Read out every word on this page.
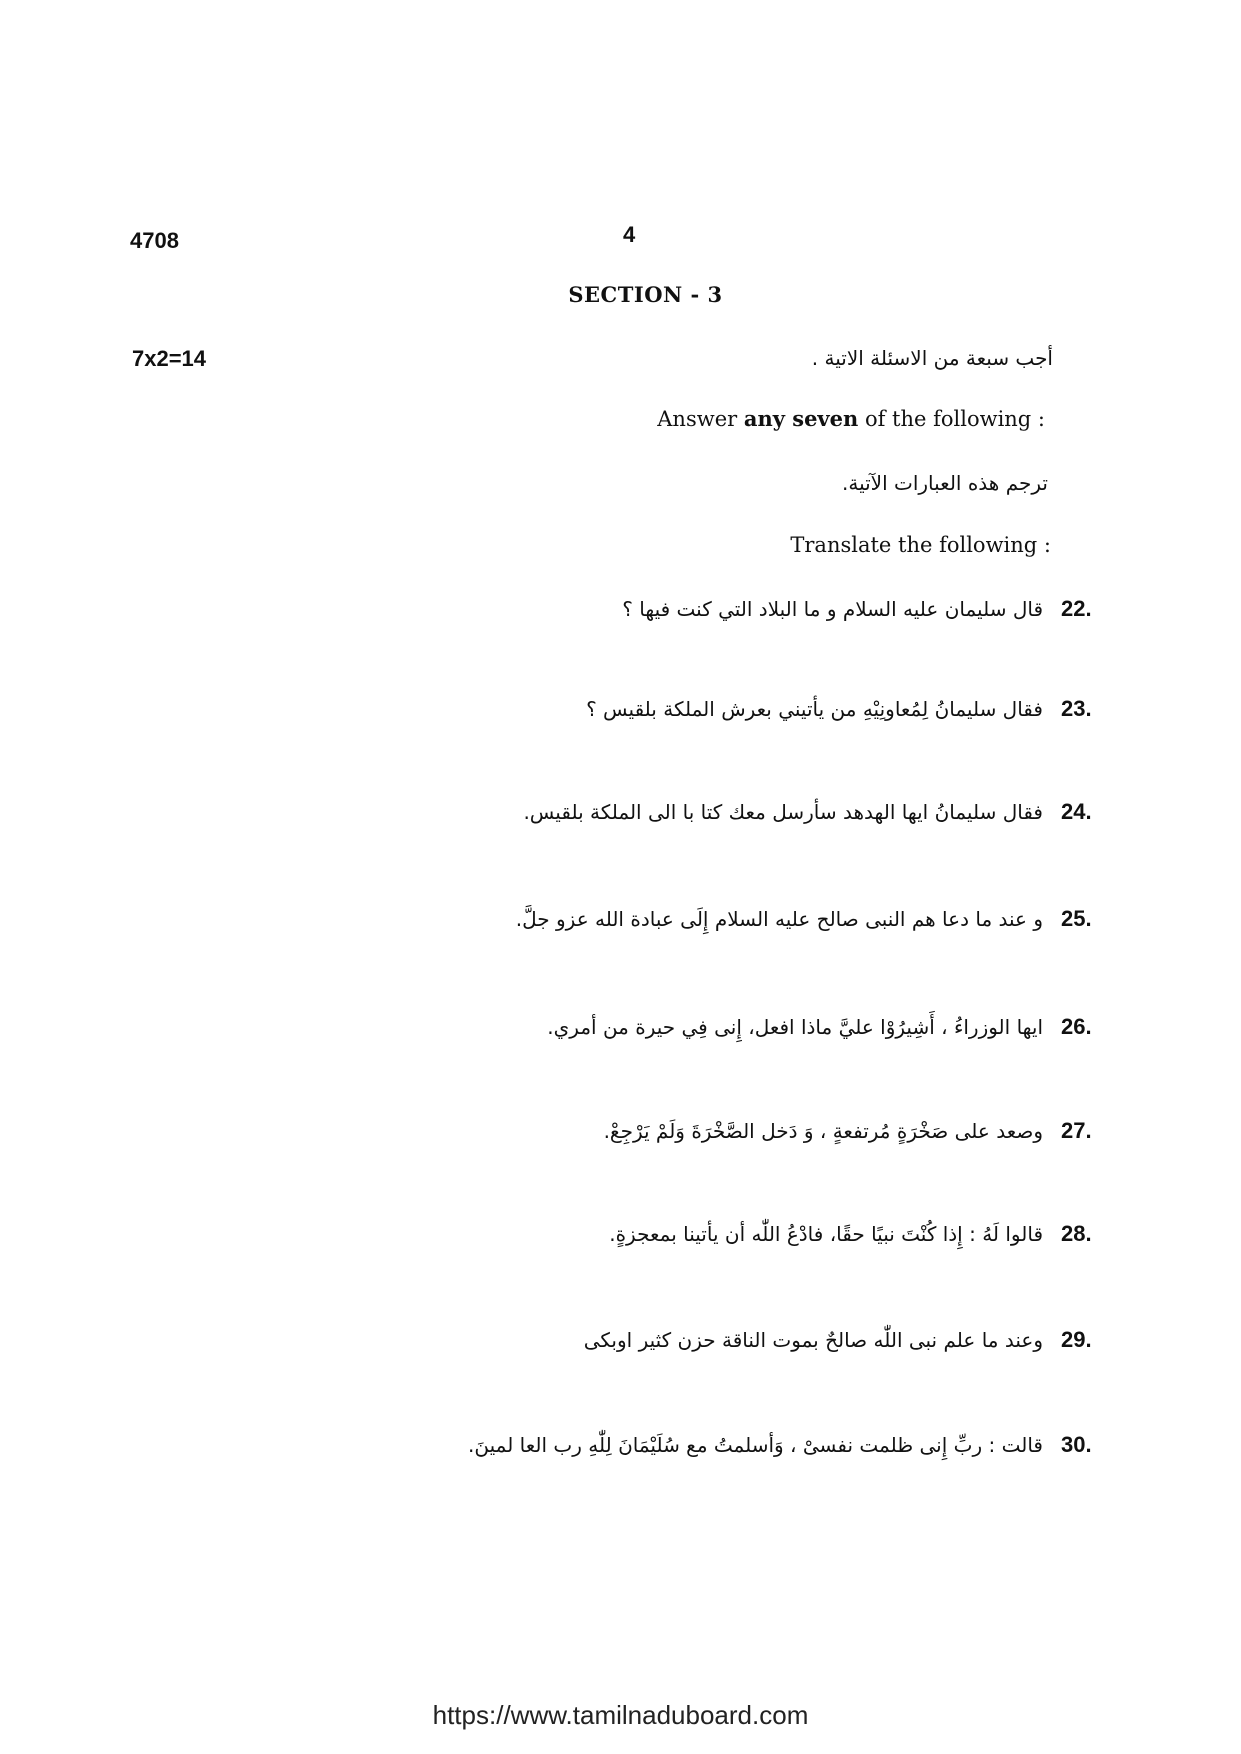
4708	4
SECTION - 3
7x2=14	أجب سبعة من الاسئلة الاتية .
Answer any seven of the following :
ترجم هذه العبارات الآتية.
Translate the following :
22.
قال سليمان عليه السلام و ما البلاد التي كنت فيها ؟
23.
فقال سليمانُ لِمُعاونِيْهِ من يأتيني بعرش الملكة بلقيس ؟
24.
فقال سليمانُ ايها الهدهد سأرسل معك كتا با الى الملكة بلقيس.
25.
و عند ما دعا هم النبى صالح عليه السلام إِلَى عبادة الله عزو جلَّ.
26.
ايها الوزراءُ ، أَشِيرُوْا عليَّ ماذا افعل، إِنى فِي حيرة من أمري.
27.
وصعد على صَخْرَةٍ مُرتفعةٍ ، وَ دَخل الصَّخْرَةَ وَلَمْ يَرْجِعْ.
28.
قالوا لَهُ : إِذا كُنْتَ نبيًا حقًا، فادْعُ اللّٰه أن يأتينا بمعجزةٍ.
29.
وعند ما علم نبى اللّٰه صالحٌ بموت الناقة حزن كثير اوبكى
30.
قالت : ربِّ إِنى ظلمت نفسىْ ، وَأسلمتُ مع سُلَيْمَانَ لِلّٰهِ رب العا لمينَ.
https://www.tamilnaduboard.com
